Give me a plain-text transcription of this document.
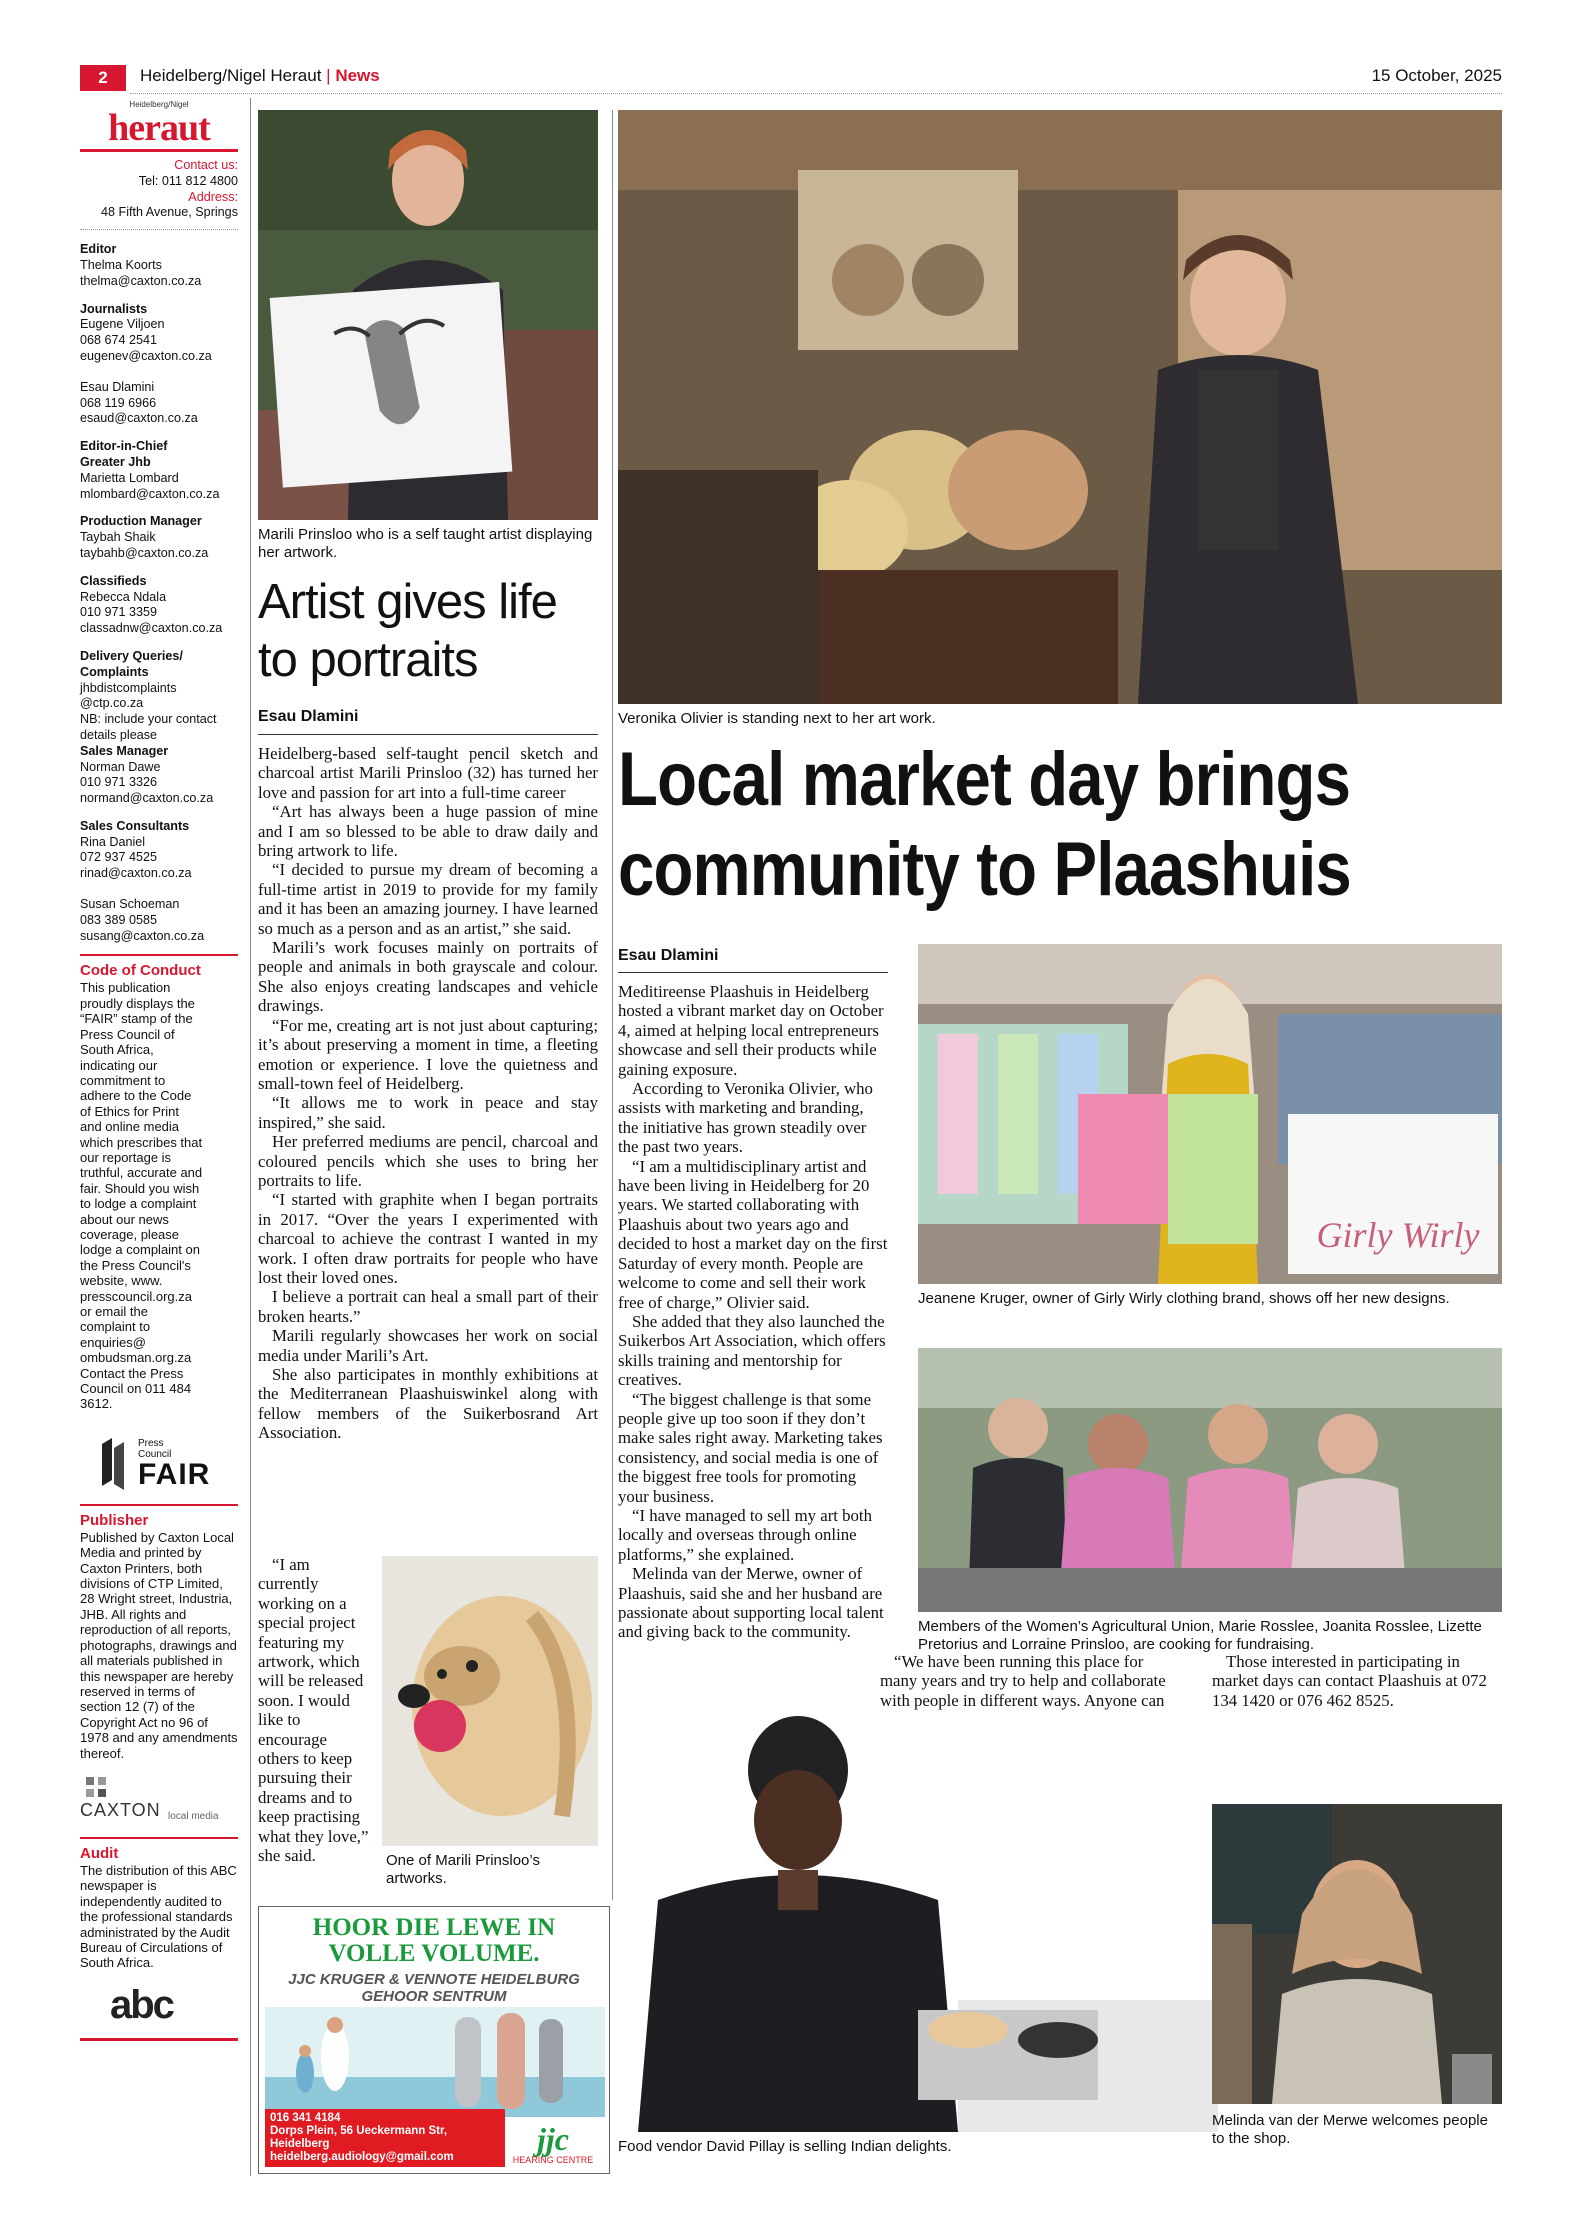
2	Heidelberg/Nigel Heraut | News	15 October, 2025
Heidelberg/Nigel
heraut
Contact us:
Tel: 011 812 4800
Address:
48 Fifth Avenue, Springs
Editor
Thelma Koorts
thelma@caxton.co.za
Journalists
Eugene Viljoen
068 674 2541
eugenev@caxton.co.za
Esau Dlamini
068 119 6966
esaud@caxton.co.za
Editor-in-Chief
Greater Jhb
Marietta Lombard
mlombard@caxton.co.za
Production Manager
Taybah Shaik
taybahb@caxton.co.za
Classifieds
Rebecca Ndala
010 971 3359
classadnw@caxton.co.za
Delivery Queries/
Complaints
jhbdistcomplaints
@ctp.co.za
NB: include your contact
details please
Sales Manager
Norman Dawe
010 971 3326
normand@caxton.co.za
Sales Consultants
Rina Daniel
072 937 4525
rinad@caxton.co.za
Susan Schoeman
083 389 0585
susang@caxton.co.za
Code of Conduct
This publication proudly displays the “FAIR” stamp of the Press Council of South Africa, indicating our commitment to adhere to the Code of Ethics for Print and online media which prescribes that our reportage is truthful, accurate and fair. Should you wish to lodge a complaint about our news coverage, please lodge a complaint on the Press Council's website, www. presscouncil.org.za or email the complaint to enquiries@ ombudsman.org.za Contact the Press Council on 011 484 3612.
Press Council
FAIR
Publisher
Published by Caxton Local Media and printed by Caxton Printers, both divisions of CTP Limited, 28 Wright street, Industria, JHB. All rights and reproduction of all reports, photographs, drawings and all materials published in this newspaper are hereby reserved in terms of section 12 (7) of the Copyright Act no 96 of 1978 and any amendments thereof.
CAXTON local media
Audit
The distribution of this ABC newspaper is independently audited to the professional standards administrated by the Audit Bureau of Circulations of South Africa.
abc
Marili Prinsloo who is a self taught artist displaying her artwork.
Artist gives life
to portraits
Esau Dlamini

Heidelberg-based self-taught pencil sketch and charcoal artist Marili Prinsloo (32) has turned her love and passion for art into a full-time career

“Art has always been a huge passion of mine and I am so blessed to be able to draw daily and bring artwork to life.

“I decided to pursue my dream of becoming a full-time artist in 2019 to provide for my family and it has been an amazing journey. I have learned so much as a person and as an artist,” she said.

Marili’s work focuses mainly on portraits of people and animals in both grayscale and colour. She also enjoys creating landscapes and vehicle drawings.

“For me, creating art is not just about capturing; it’s about preserving a moment in time, a fleeting emotion or experience. I love the quietness and small-town feel of Heidelberg.

“It allows me to work in peace and stay inspired,” she said.

Her preferred mediums are pencil, charcoal and coloured pencils which she uses to bring her portraits to life.

“I started with graphite when I began portraits in 2017. “Over the years I experimented with charcoal to achieve the contrast I wanted in my work. I often draw portraits for people who have lost their loved ones.

I believe a portrait can heal a small part of their broken hearts.”

Marili regularly showcases her work on social media under Marili’s Art.

She also participates in monthly exhibitions at the Mediterranean Plaashuiswinkel along with fellow members of the Suikerbosrand Art Association.

“I am currently working on a special project featuring my artwork, which will be released soon. I would like to encourage others to keep pursuing their dreams and to keep practising what they love,” she said.	One of Marili Prinsloo’s artworks.
HOOR DIE LEWE IN
VOLLE VOLUME.
JJC KRUGER & VENNOTE HEIDELBURG
GEHOOR SENTRUM
016 341 4184
Dorps Plein, 56 Ueckermann Str, Heidelberg
heidelberg.audiology@gmail.com	jjc
HEARING CENTRE
Veronika Olivier is standing next to her art work.
Local market day brings
community to Plaashuis
Esau Dlamini

Meditireense Plaashuis in Heidelberg hosted a vibrant market day on October 4, aimed at helping local entrepreneurs showcase and sell their products while gaining exposure.

According to Veronika Olivier, who assists with marketing and branding, the initiative has grown steadily over the past two years.

“I am a multidisciplinary artist and have been living in Heidelberg for 20 years. We started collaborating with Plaashuis about two years ago and decided to host a market day on the first Saturday of every month. People are welcome to come and sell their work free of charge,” Olivier said.

She added that they also launched the Suikerbos Art Association, which offers skills training and mentorship for creatives.

“The biggest challenge is that some people give up too soon if they don’t make sales right away. Marketing takes consistency, and social media is one of the biggest free tools for promoting your business.

“I have managed to sell my art both locally and overseas through online platforms,” she explained.

Melinda van der Merwe, owner of Plaashuis, said she and her husband are passionate about supporting local talent and giving back to the community.

“We have been running this place for many years and try to help and collaborate with people in different ways. Anyone can

Those interested in participating in market days can contact Plaashuis at 072 134 1420 or 076 462 8525.

Girly Wirly
Jeanene Kruger, owner of Girly Wirly clothing brand, shows off her new designs.
Members of the Women’s Agricultural Union, Marie Rosslee, Joanita Rosslee, Lizette Pretorius and Lorraine Prinsloo, are cooking for fundraising.
Food vendor David Pillay is selling Indian delights.
Melinda van der Merwe welcomes people to the shop.
